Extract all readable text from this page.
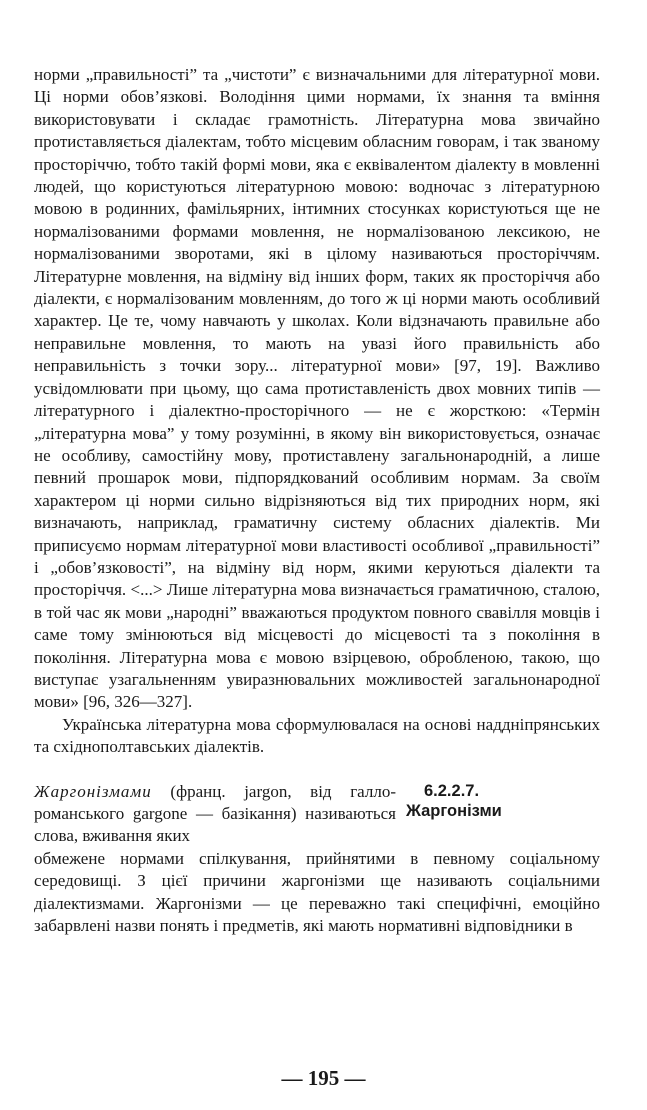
норми „правильності” та „чистоти” є визначальними для літературної мови. Ці норми обов’язкові. Володіння цими нормами, їх знання та вміння використовувати і складає грамотність. Літературна мова звичайно протиставляється діалектам, тобто місцевим обласним говорам, і так званому просторіччю, тобто такій формі мови, яка є еквівалентом діалекту в мовленні людей, що користуються літературною мовою: водночас з літературною мовою в родинних, фамільярних, інтимних стосунках користуються ще не нормалізованими формами мовлення, не нормалізованою лексикою, не нормалізованими зворотами, які в цілому називаються просторіччям. Літературне мовлення, на відміну від інших форм, таких як просторіччя або діалекти, є нормалізованим мовленням, до того ж ці норми мають особливий характер. Це те, чому навчають у школах. Коли відзначають правильне або неправильне мовлення, то мають на увазі його правильність або неправильність з точки зору... літературної мови» [97, 19]. Важливо усвідомлювати при цьому, що сама протиставленість двох мовних типів — літературного і діалектно-просторічного — не є жорсткою: «Термін „літературна мова” у тому розумінні, в якому він використовується, означає не особливу, самостійну мову, протиставлену загальнонародній, а лише певний прошарок мови, підпорядкований особливим нормам. За своїм характером ці норми сильно відрізняються від тих природних норм, які визначають, наприклад, граматичну систему обласних діалектів. Ми приписуємо нормам літературної мови властивості особливої „правильності” і „обов’язковості”, на відміну від норм, якими керуються діалекти та просторіччя. <...> Лише літературна мова визначається граматичною, сталою, в той час як мови „народні” вважаються продуктом повного свавілля мовців і саме тому змінюються від місцевості до місцевості та з покоління в покоління. Літературна мова є мовою взірцевою, обробленою, такою, що виступає узагальненням увиразнювальних можливостей загальнонародної мови» [96, 326—327].

Українська літературна мова сформулювалася на основі наддніпрянських та східнополтавських діалектів.

6.2.2.7.
Жаргонізми

Жаргонізмами (франц. jargon, від галло-романського gargone — базікання) називаються слова, вживання яких

обмежене нормами спілкування, прийнятими в певному соціальному середовищі. З цієї причини жаргонізми ще називають соціальними діалектизмами. Жаргонізми — це переважно такі специфічні, емоційно забарвлені назви понять і предметів, які мають нормативні відповідники в

— 195 —
